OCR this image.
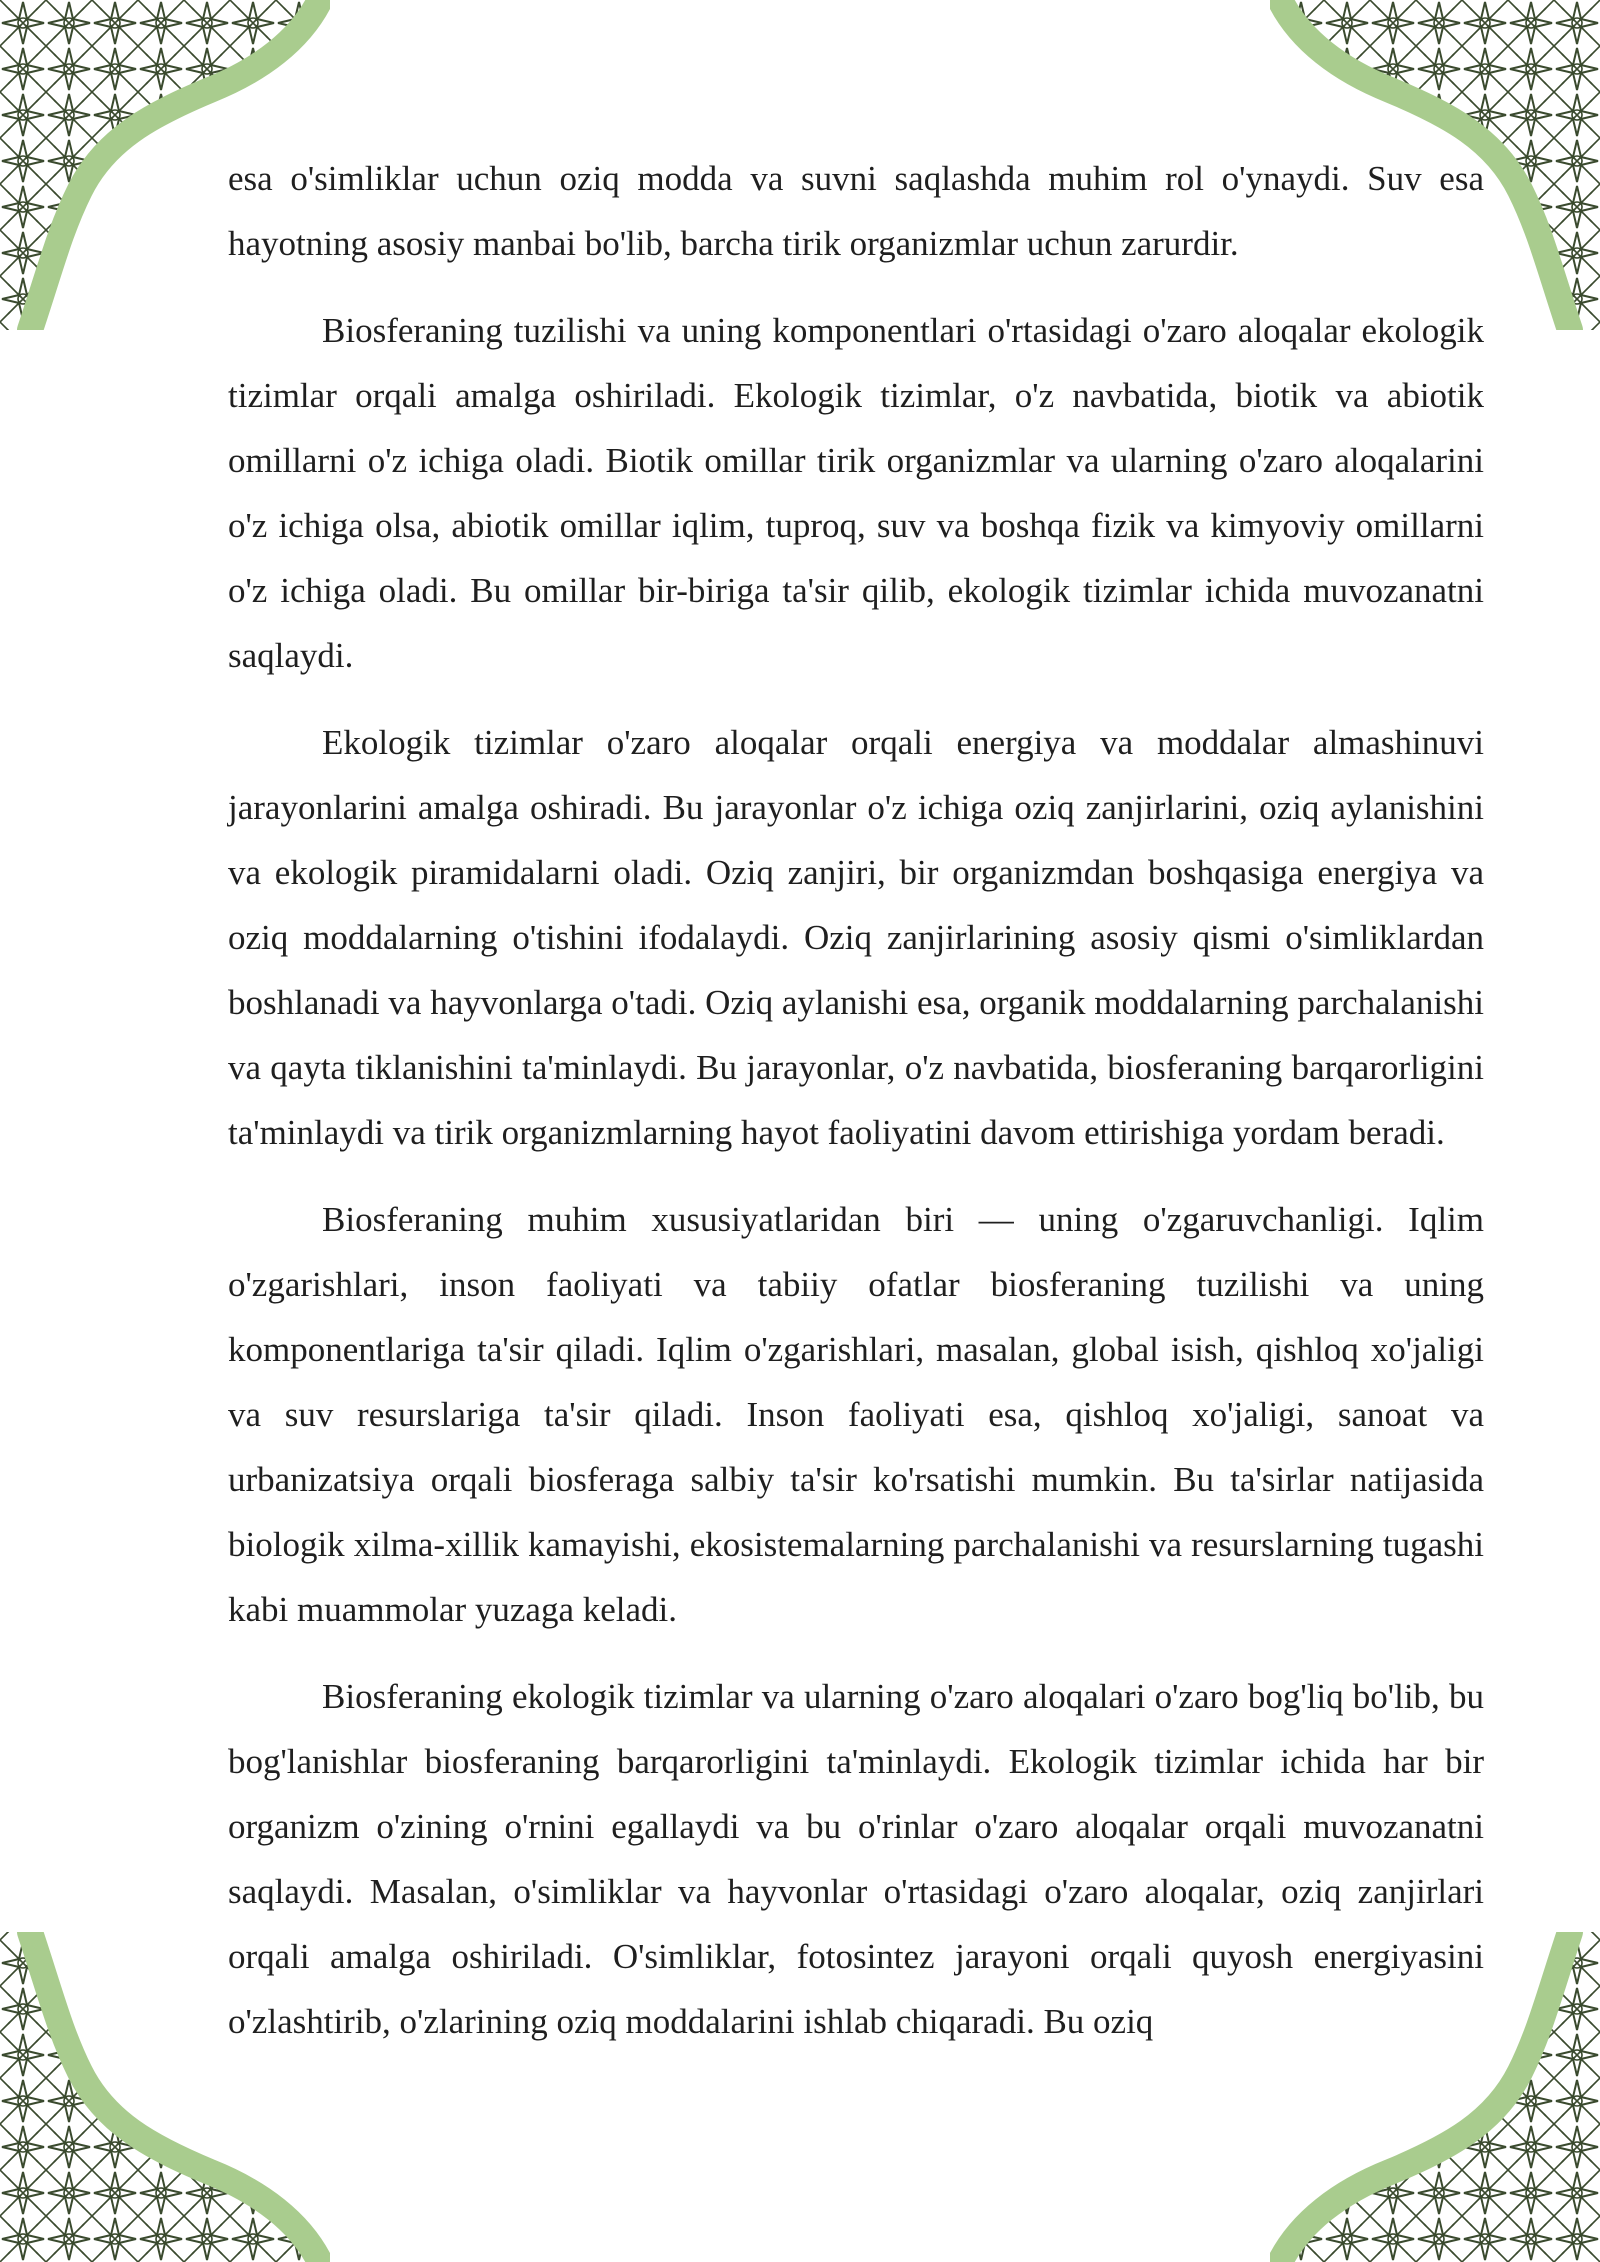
esa o'simliklar uchun oziq modda va suvni saqlashda muhim rol o'ynaydi. Suv esa hayotning asosiy manbai bo'lib, barcha tirik organizmlar uchun zarurdir.

Biosferaning tuzilishi va uning komponentlari o'rtasidagi o'zaro aloqalar ekologik tizimlar orqali amalga oshiriladi. Ekologik tizimlar, o'z navbatida, biotik va abiotik omillarni o'z ichiga oladi. Biotik omillar tirik organizmlar va ularning o'zaro aloqalarini o'z ichiga olsa, abiotik omillar iqlim, tuproq, suv va boshqa fizik va kimyoviy omillarni o'z ichiga oladi. Bu omillar bir-biriga ta'sir qilib, ekologik tizimlar ichida muvozanatni saqlaydi.

Ekologik tizimlar o'zaro aloqalar orqali energiya va moddalar almashinuvi jarayonlarini amalga oshiradi. Bu jarayonlar o'z ichiga oziq zanjirlarini, oziq aylanishini va ekologik piramidalarni oladi. Oziq zanjiri, bir organizmdan boshqasiga energiya va oziq moddalarning o'tishini ifodalaydi. Oziq zanjirlarining asosiy qismi o'simliklardan boshlanadi va hayvonlarga o'tadi. Oziq aylanishi esa, organik moddalarning parchalanishi va qayta tiklanishini ta'minlaydi. Bu jarayonlar, o'z navbatida, biosferaning barqarorligini ta'minlaydi va tirik organizmlarning hayot faoliyatini davom ettirishiga yordam beradi.

Biosferaning muhim xususiyatlaridan biri — uning o'zgaruvchanligi. Iqlim o'zgarishlari, inson faoliyati va tabiiy ofatlar biosferaning tuzilishi va uning komponentlariga ta'sir qiladi. Iqlim o'zgarishlari, masalan, global isish, qishloq xo'jaligi va suv resurslariga ta'sir qiladi. Inson faoliyati esa, qishloq xo'jaligi, sanoat va urbanizatsiya orqali biosferaga salbiy ta'sir ko'rsatishi mumkin. Bu ta'sirlar natijasida biologik xilma-xillik kamayishi, ekosistemalarning parchalanishi va resurslarning tugashi kabi muammolar yuzaga keladi.

Biosferaning ekologik tizimlar va ularning o'zaro aloqalari o'zaro bog'liq bo'lib, bu bog'lanishlar biosferaning barqarorligini ta'minlaydi. Ekologik tizimlar ichida har bir organizm o'zining o'rnini egallaydi va bu o'rinlar o'zaro aloqalar orqali muvozanatni saqlaydi. Masalan, o'simliklar va hayvonlar o'rtasidagi o'zaro aloqalar, oziq zanjirlari orqali amalga oshiriladi. O'simliklar, fotosintez jarayoni orqali quyosh energiyasini o'zlashtirib, o'zlarining oziq moddalarini ishlab chiqaradi. Bu oziq
